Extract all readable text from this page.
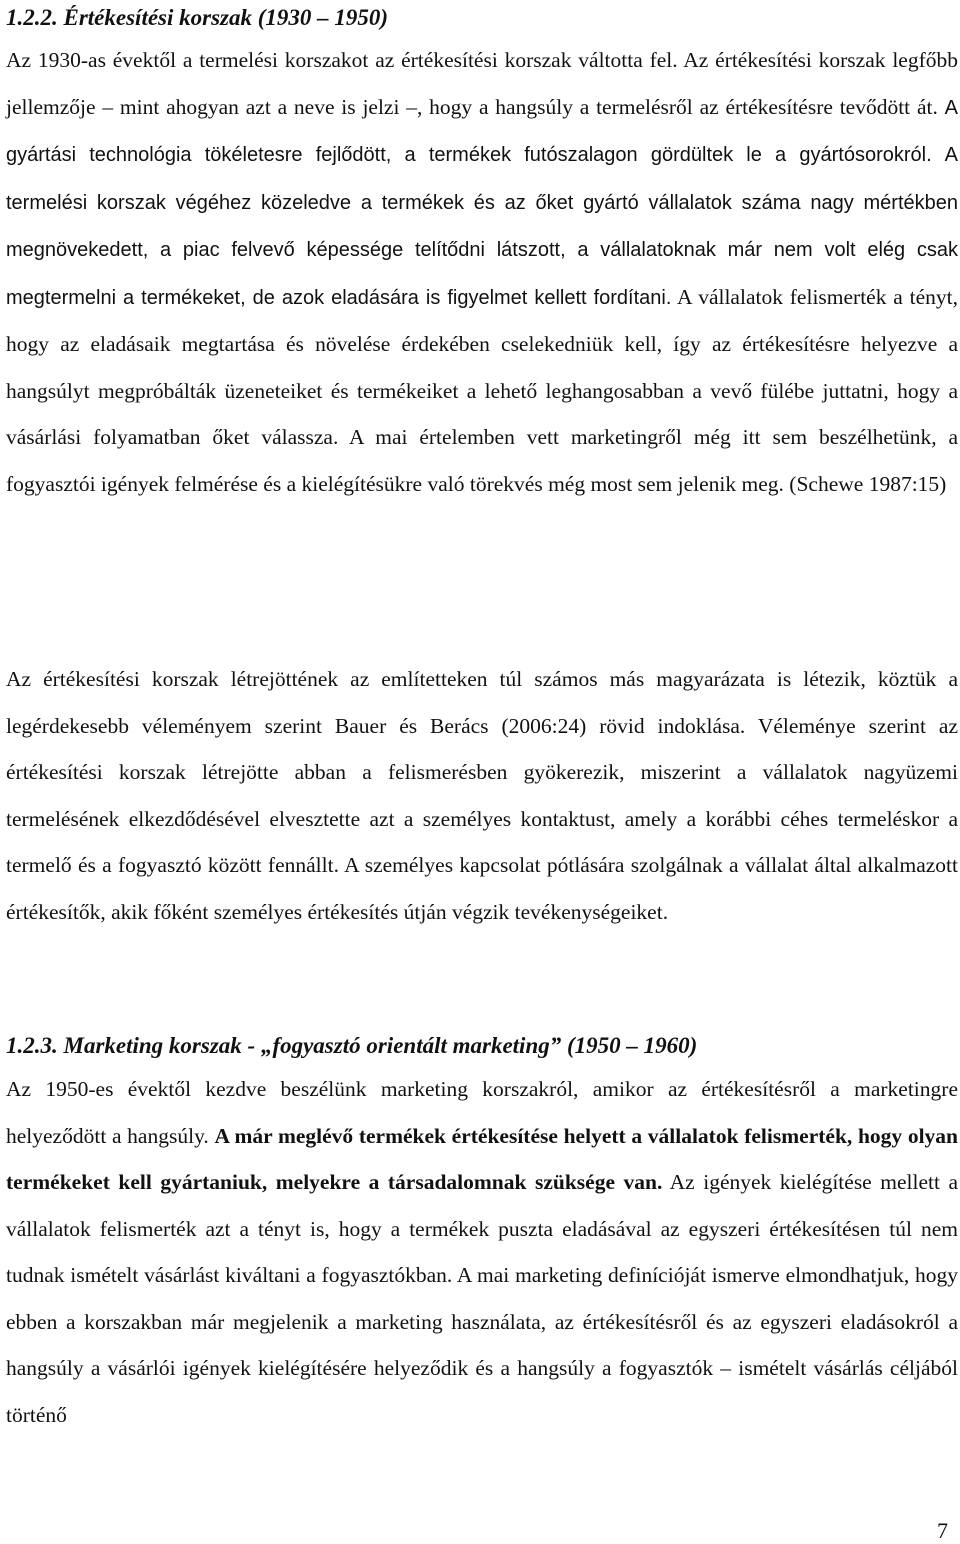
1.2.2. Értékesítési korszak (1930 – 1950)

Az 1930-as évektől a termelési korszakot az értékesítési korszak váltotta fel. Az értékesítési korszak legfőbb jellemzője – mint ahogyan azt a neve is jelzi –, hogy a hangsúly a termelésről az értékesítésre tevődött át. A gyártási technológia tökéletesre fejlődött, a termékek futószalagon gördültek le a gyártósorokról. A termelési korszak végéhez közeledve a termékek és az őket gyártó vállalatok száma nagy mértékben megnövekedett, a piac felvevő képessége telítődni látszott, a vállalatoknak már nem volt elég csak megtermelni a termékeket, de azok eladására is figyelmet kellett fordítani. A vállalatok felismerték a tényt, hogy az eladásaik megtartása és növelése érdekében cselekedniük kell, így az értékesítésre helyezve a hangsúlyt megpróbálták üzeneteiket és termékeiket a lehető leghangosabban a vevő fülébe juttatni, hogy a vásárlási folyamatban őket válassza. A mai értelemben vett marketingről még itt sem beszélhetünk, a fogyasztói igények felmérése és a kielégítésükre való törekvés még most sem jelenik meg. (Schewe 1987:15)

Az értékesítési korszak létrejöttének az említetteken túl számos más magyarázata is létezik, köztük a legérdekesebb véleményem szerint Bauer és Berács (2006:24) rövid indoklása. Véleménye szerint az értékesítési korszak létrejötte abban a felismerésben gyökerezik, miszerint a vállalatok nagyüzemi termelésének elkezdődésével elvesztette azt a személyes kontaktust, amely a korábbi céhes termeléskor a termelő és a fogyasztó között fennállt. A személyes kapcsolat pótlására szolgálnak a vállalat által alkalmazott értékesítők, akik főként személyes értékesítés útján végzik tevékenységeiket.

1.2.3. Marketing korszak - „fogyasztó orientált marketing” (1950 – 1960)

Az 1950-es évektől kezdve beszélünk marketing korszakról, amikor az értékesítésről a marketingre helyeződött a hangsúly. A már meglévő termékek értékesítése helyett a vállalatok felismerték, hogy olyan termékeket kell gyártaniuk, melyekre a társadalomnak szüksége van. Az igények kielégítése mellett a vállalatok felismerték azt a tényt is, hogy a termékek puszta eladásával az egyszeri értékesítésen túl nem tudnak ismételt vásárlást kiváltani a fogyasztókban. A mai marketing definícióját ismerve elmondhatjuk, hogy ebben a korszakban már megjelenik a marketing használata, az értékesítésről és az egyszeri eladásokról a hangsúly a vásárlói igények kielégítésére helyeződik és a hangsúly a fogyasztók – ismételt vásárlás céljából történő

7
